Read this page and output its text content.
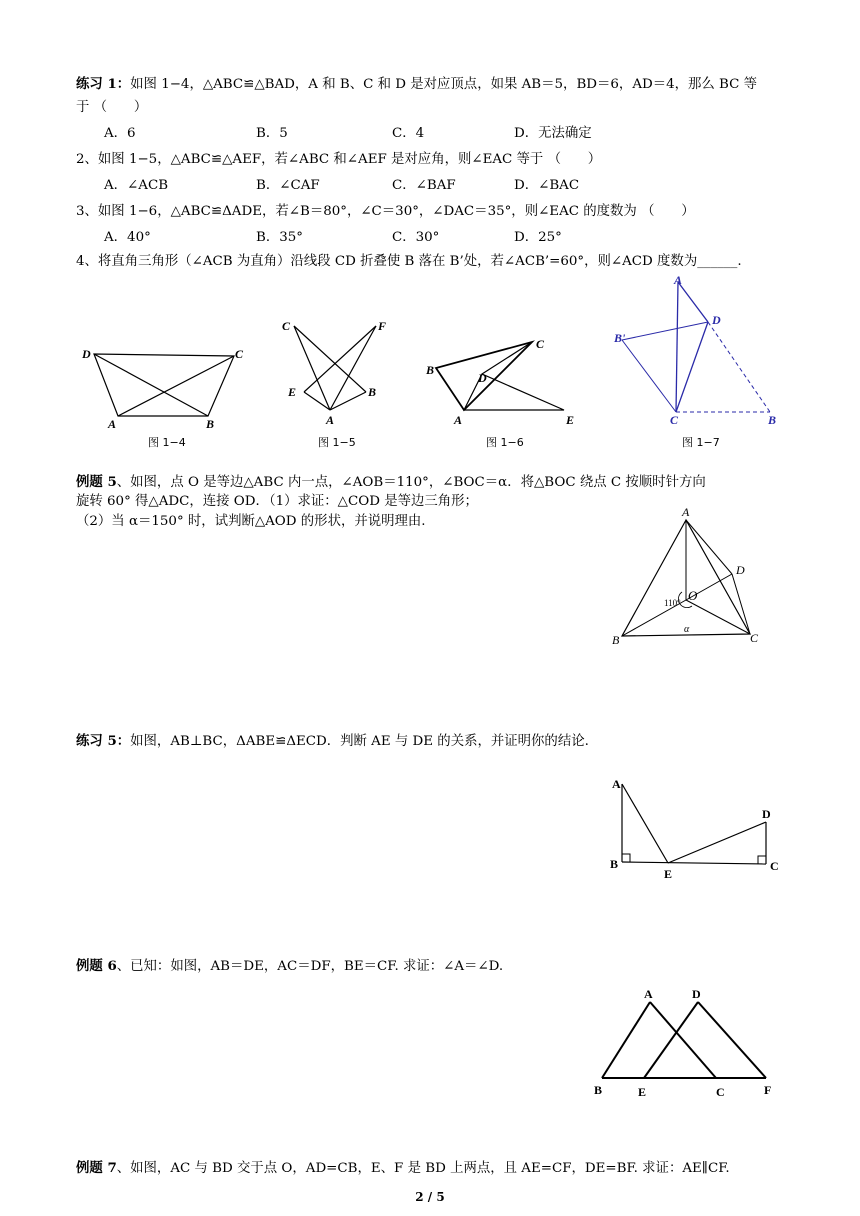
练习 1：如图 1−4，△ABC≌△BAD，A 和 B、C 和 D 是对应顶点，如果 AB＝5，BD＝6，AD＝4，那么 BC 等
于 （　　）
A．6	B．5	C．4	D．无法确定
2、如图 1−5，△ABC≌△AEF，若∠ABC 和∠AEF 是对应角，则∠EAC 等于 （　　）
A．∠ACB	B．∠CAF	C．∠BAF	D．∠BAC
3、如图 1−6，△ABC≌ΔADE，若∠B＝80°，∠C＝30°，∠DAC＝35°，则∠EAC 的度数为 （　　）
A．40°	B．35°	C．30°	D．25°
4、将直角三角形（∠ACB 为直角）沿线段 CD 折叠使 B 落在 B’处，若∠ACB’=60°，则∠ACD 度数为______.
D	C
A	B
图 1−4
C	F
E	B
A
图 1−5
B
C
D
A	E
图 1−6
A
D
B'
C	B
图 1−7
例题 5、如图，点 O 是等边△ABC 内一点，∠AOB＝110°，∠BOC＝α．将△BOC 绕点 C 按顺时针方向
旋转 60° 得△ADC，连接 OD．（1）求证：△COD 是等边三角形；
（2）当 α＝150° 时，试判断△AOD 的形状，并说明理由.
A
D
O
110°
α
B	C
练习 5：如图，AB⊥BC，ΔABE≌ΔECD．判断 AE 与 DE 的关系，并证明你的结论.
A
D
B
E
C
例题 6、已知：如图，AB＝DE，AC＝DF，BE＝CF. 求证：∠A＝∠D.
A	D
B	E	C	F
例题 7、如图，AC 与 BD 交于点 O，AD=CB，E、F 是 BD 上两点，且 AE=CF，DE=BF. 求证：AE∥CF.
2 / 5
